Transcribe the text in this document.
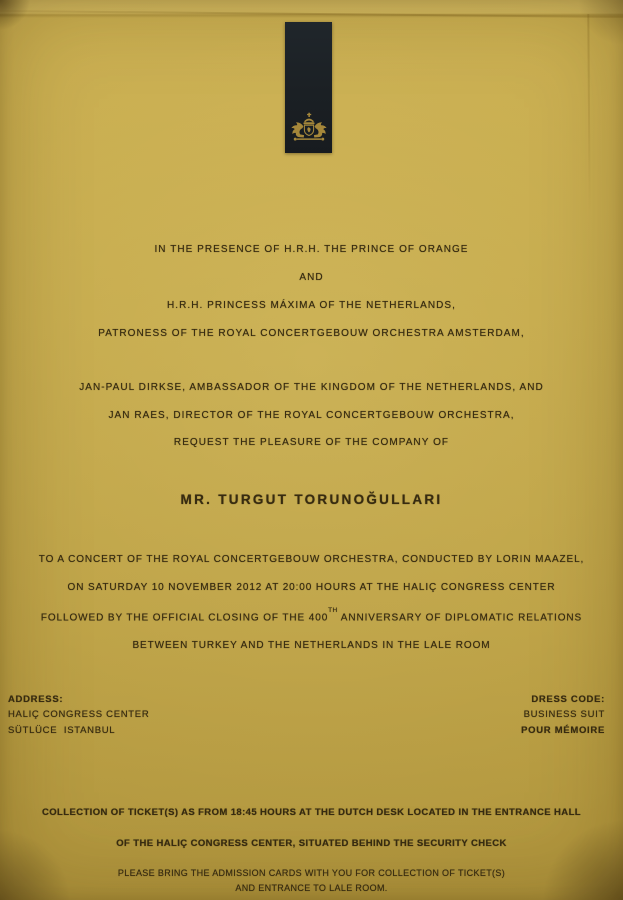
IN THE PRESENCE OF H.R.H. THE PRINCE OF ORANGE
AND
H.R.H. PRINCESS MÁXIMA OF THE NETHERLANDS,
PATRONESS OF THE ROYAL CONCERTGEBOUW ORCHESTRA AMSTERDAM,
JAN-PAUL DIRKSE, AMBASSADOR OF THE KINGDOM OF THE NETHERLANDS, AND
JAN RAES, DIRECTOR OF THE ROYAL CONCERTGEBOUW ORCHESTRA,
REQUEST THE PLEASURE OF THE COMPANY OF
MR. TURGUT TORUNOĞULLARI
TO A CONCERT OF THE ROYAL CONCERTGEBOUW ORCHESTRA, CONDUCTED BY LORIN MAAZEL,
ON SATURDAY 10 NOVEMBER 2012 AT 20:00 HOURS AT THE HALIÇ CONGRESS CENTER
FOLLOWED BY THE OFFICIAL CLOSING OF THE 400TH ANNIVERSARY OF DIPLOMATIC RELATIONS
BETWEEN TURKEY AND THE NETHERLANDS IN THE LALE ROOM
ADDRESS:
HALIÇ CONGRESS CENTER
SÜTLÜCE  ISTANBUL
DRESS CODE:
BUSINESS SUIT
POUR MÉMOIRE
COLLECTION OF TICKET(S) AS FROM 18:45 HOURS AT THE DUTCH DESK LOCATED IN THE ENTRANCE HALL
OF THE HALIÇ CONGRESS CENTER, SITUATED BEHIND THE SECURITY CHECK
PLEASE BRING THE ADMISSION CARDS WITH YOU FOR COLLECTION OF TICKET(S)
AND ENTRANCE TO LALE ROOM.
